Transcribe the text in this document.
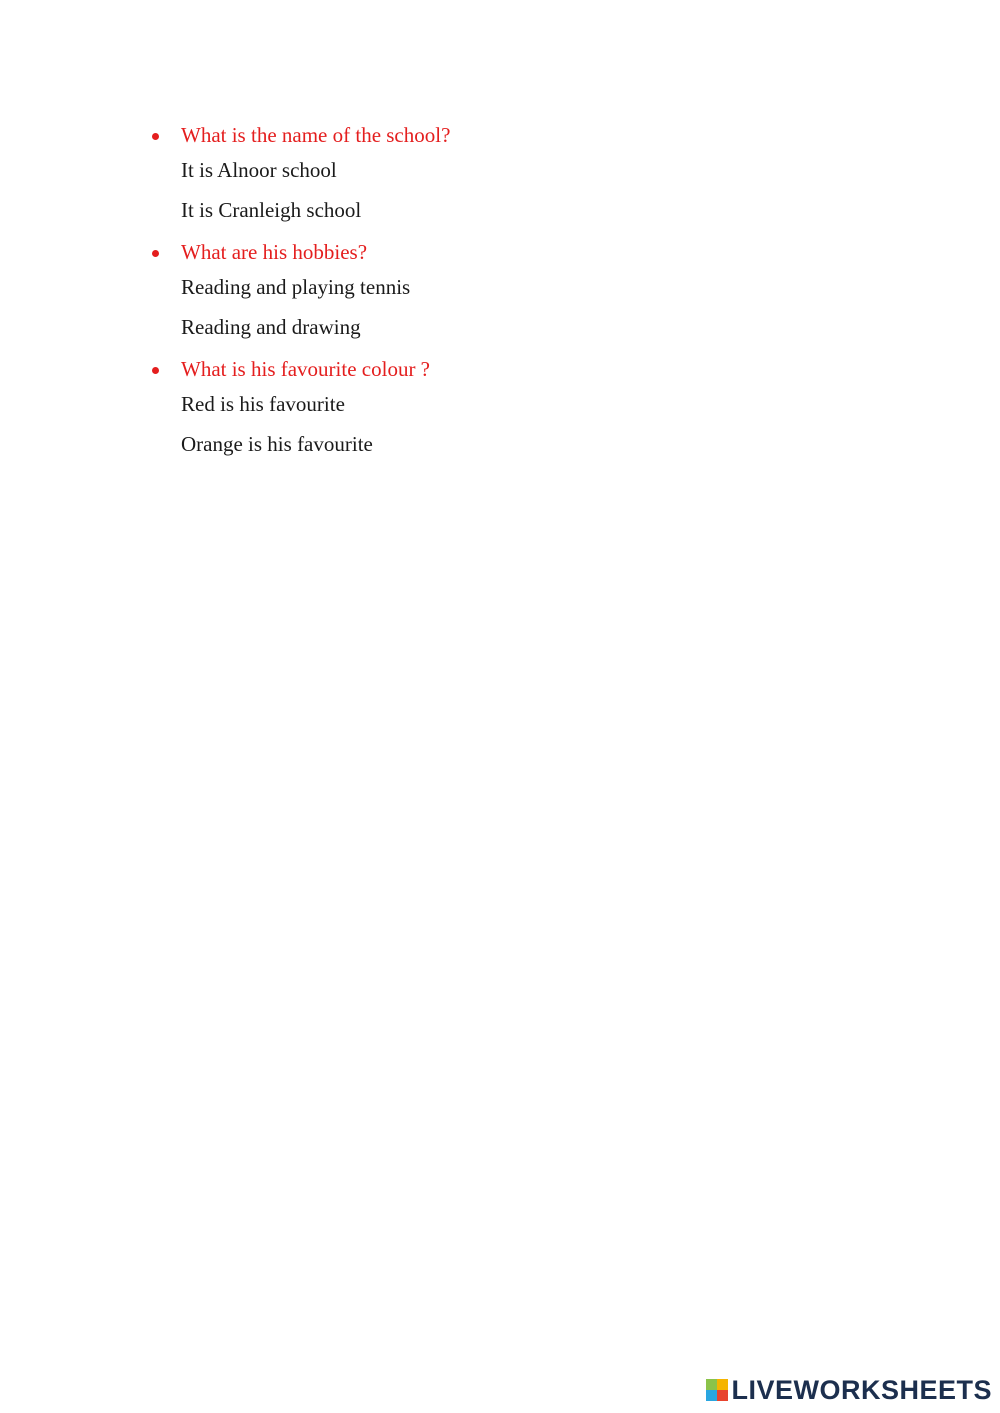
What is the name of the school?
It is Alnoor school
It is Cranleigh school
What are his hobbies?
Reading and playing tennis
Reading and drawing
What is his favourite colour ?
Red is his favourite
Orange is his favourite
LIVEWORKSHEETS
